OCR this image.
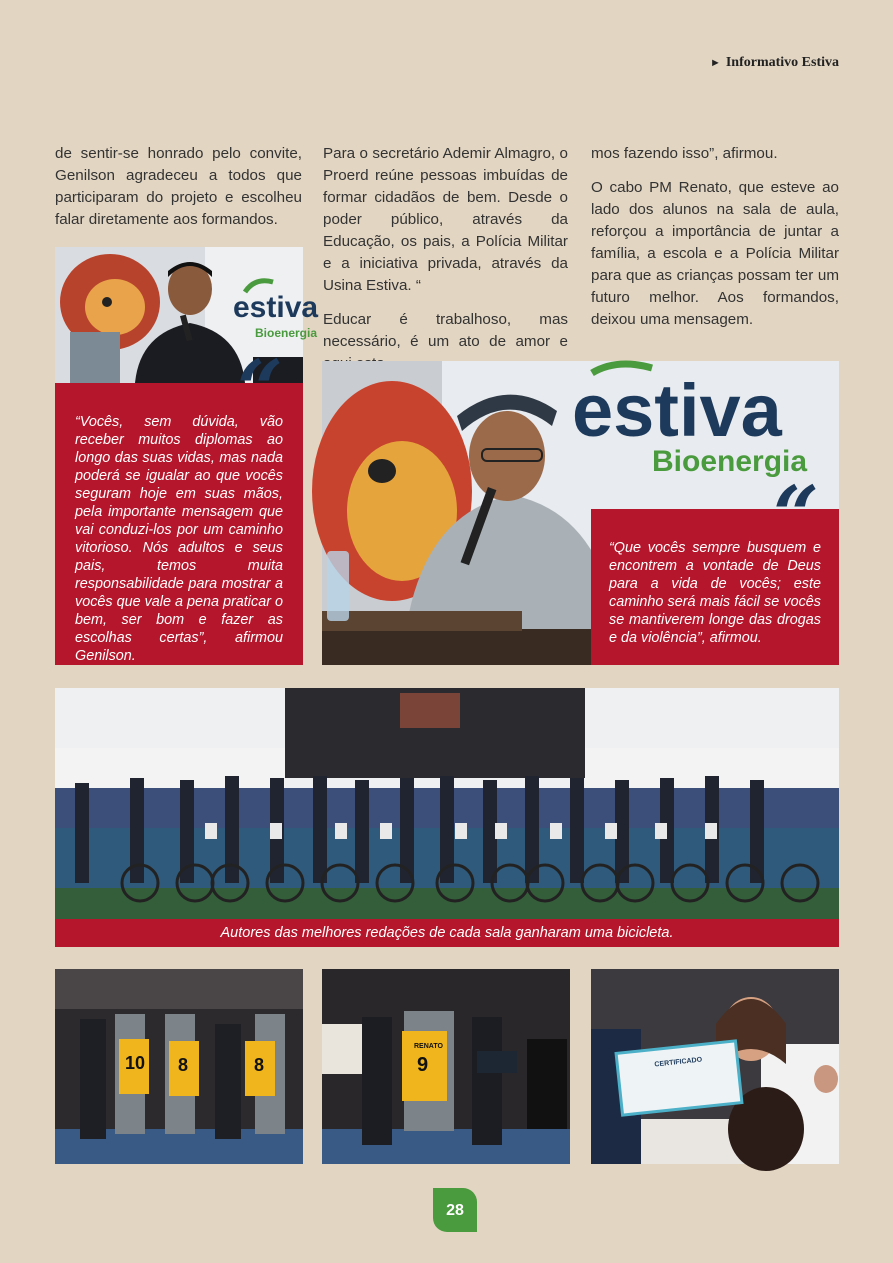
► Informativo Estiva

de sentir-se honrado pelo convite, Genilson agradeceu a todos que participaram do projeto e escolheu falar diretamente aos formandos.

Para o secretário Ademir Almagro, o Proerd reúne pessoas imbuídas de formar cidadãos de bem. Desde o poder público, através da Educação, os pais, a Polícia Militar e a iniciativa privada, através da Usina Estiva. “

Educar é trabalhoso, mas necessário, é um ato de amor e

mos fazendo isso”, afirmou.

O cabo PM Renato, que esteve ao lado dos alunos na sala de aula, reforçou a importância de juntar a família, a escola e a Polícia Militar para que as crianças possam ter um futuro melhor. Aos formandos, deixou uma mensagem.

estiva
Bioenergia
“
“Vocês, sem dúvida, vão receber muitos diplomas ao longo das suas vidas, mas nada poderá se igualar ao que vocês seguram hoje em suas mãos, pela importante mensagem que vai conduzi-los por um caminho vitorioso. Nós adultos e seus pais, temos muita responsabilidade para mostrar a vocês que vale a pena praticar o bem, ser bom e fazer as escolhas certas”, afirmou Genilson.
estiva
Bioenergia
“
“Que vocês sempre busquem e encontrem a vontade de Deus para a vida de vocês; este caminho será mais fácil se vocês se mantiverem longe das drogas e da violência”, afirmou.
Autores das melhores redações de cada sala ganharam uma bicicleta.
10 8	8
RENATO
9	CERTIFICADO
28
